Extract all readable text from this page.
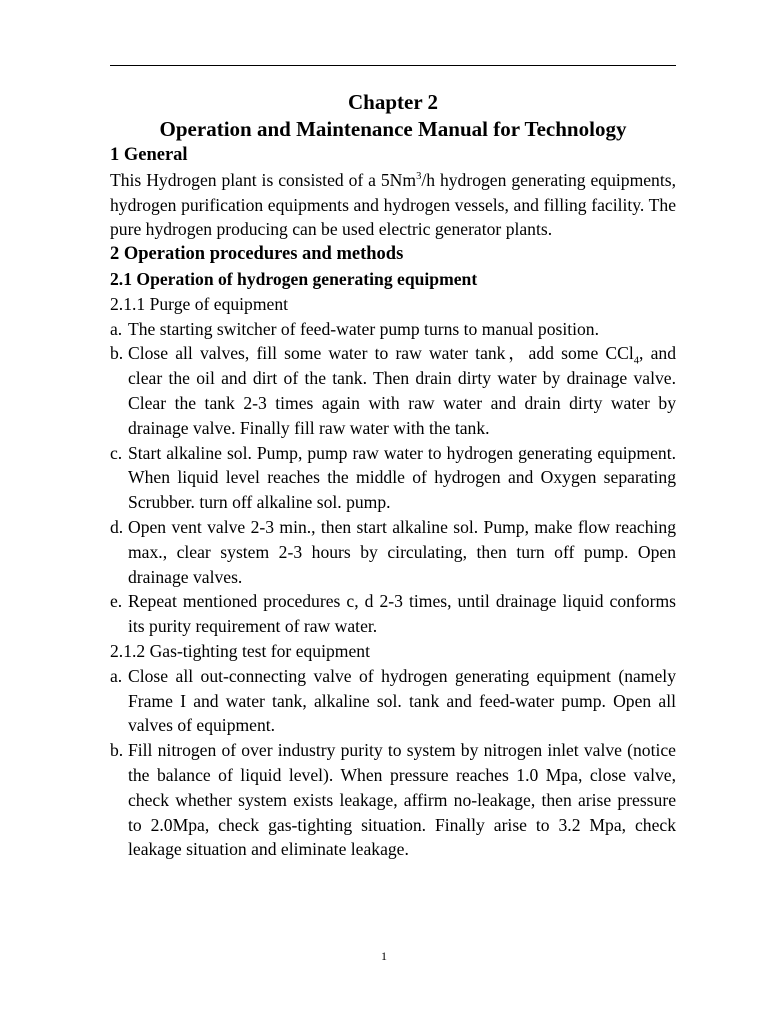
Chapter 2
Operation and Maintenance Manual for Technology
1 General
This Hydrogen plant is consisted of a 5Nm$^3$/h hydrogen generating equipments, hydrogen purification equipments and hydrogen vessels, and filling facility. The pure hydrogen producing can be used electric generator plants.
2 Operation procedures and methods
2.1 Operation of hydrogen generating equipment
2.1.1 Purge of equipment
a. The starting switcher of feed-water pump turns to manual position.
b. Close all valves, fill some water to raw water tank，add some CCl$_4$, and clear the oil and dirt of the tank. Then drain dirty water by drainage valve. Clear the tank 2-3 times again with raw water and drain dirty water by drainage valve. Finally fill raw water with the tank.
c. Start alkaline sol. Pump, pump raw water to hydrogen generating equipment. When liquid level reaches the middle of hydrogen and Oxygen separating Scrubber. turn off alkaline sol. pump.
d. Open vent valve 2-3 min., then start alkaline sol. Pump, make flow reaching max., clear system 2-3 hours by circulating, then turn off pump. Open drainage valves.
e. Repeat mentioned procedures c, d 2-3 times, until drainage liquid conforms its purity requirement of raw water.
2.1.2 Gas-tighting test for equipment
a. Close all out-connecting valve of hydrogen generating equipment (namely Frame I and water tank, alkaline sol. tank and feed-water pump. Open all valves of equipment.
b. Fill nitrogen of over industry purity to system by nitrogen inlet valve (notice the balance of liquid level). When pressure reaches 1.0 Mpa, close valve, check whether system exists leakage, affirm no-leakage, then arise pressure to 2.0Mpa, check gas-tighting situation. Finally arise to 3.2 Mpa, check leakage situation and eliminate leakage.
1
